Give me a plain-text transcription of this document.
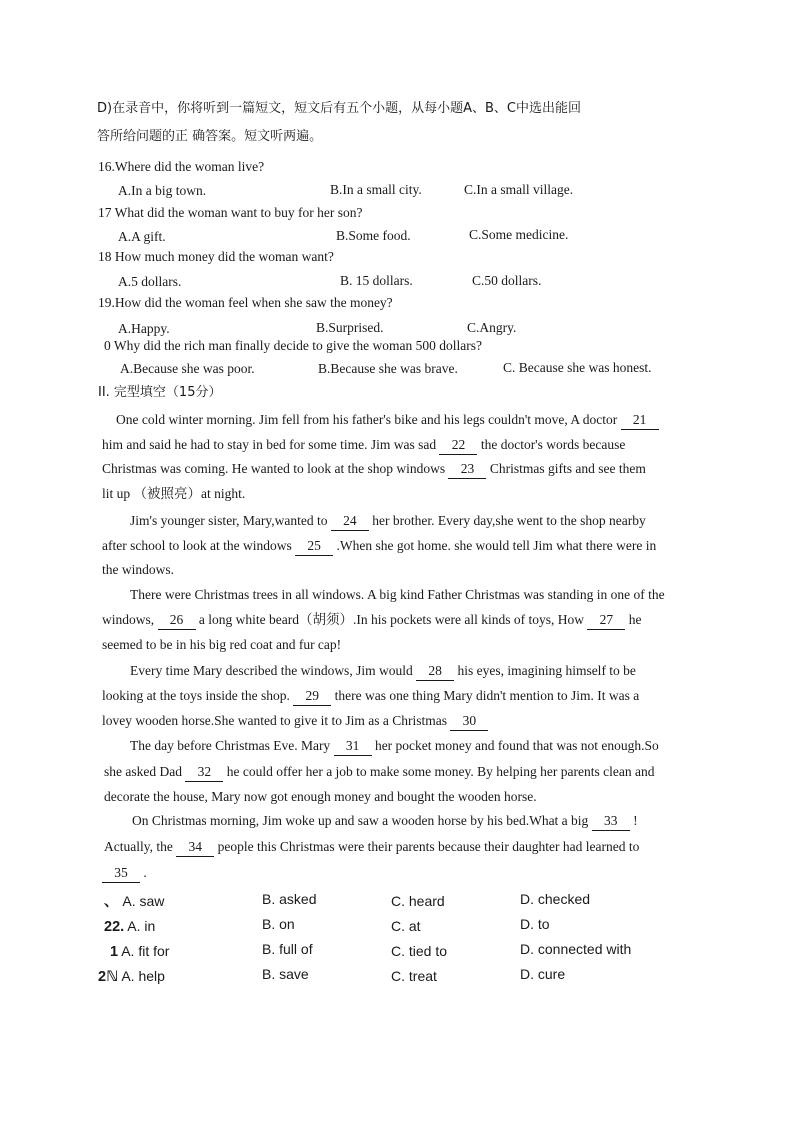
D)在录音中，你将听到一篇短文，短文后有五个小题，从每小题A、B、C中选出能回
答所给问题的正 确答案。短文听两遍。
16.Where did the woman live?
A.In a big town.	B.In a small city.	C.In a small village.
17 What did the woman want to buy for her son?
A.A gift.	B.Some food.	C.Some medicine.
18 How much money did the woman want?
A.5 dollars.	B. 15 dollars.	C.50 dollars.
19.How did the woman feel when she saw the money?
A.Happy.	B.Surprised.	C.Angry.
0 Why did the rich man finally decide to give the woman 500 dollars?
A.Because she was poor.	B.Because she was brave.	C. Because she was honest.
II. 完型填空（15分）
One cold winter morning. Jim fell from his father's bike and his legs couldn't move, A doctor 21
him and said he had to stay in bed for some time. Jim was sad 22 the doctor's words because
Christmas was coming. He wanted to look at the shop windows 23 Christmas gifts and see them
lit up （被照亮）at night.
Jim's younger sister, Mary,wanted to 24 her brother. Every day,she went to the shop nearby
after school to look at the windows 25 .When she got home. she would tell Jim what there were in
the windows.
There were Christmas trees in all windows. A big kind Father Christmas was standing in one of the
windows, 26 a long white beard（胡须）.In his pockets were all kinds of toys, How 27 he
seemed to be in his big red coat and fur cap!
Every time Mary described the windows, Jim would 28 his eyes, imagining himself to be
looking at the toys inside the shop. 29 there was one thing Mary didn't mention to Jim. It was a
lovey wooden horse.She wanted to give it to Jim as a Christmas 30
The day before Christmas Eve. Mary 31 her pocket money and found that was not enough.So
she asked Dad 32 he could offer her a job to make some money. By helping her parents clean and
decorate the house, Mary now got enough money and bought the wooden horse.
On Christmas morning, Jim woke up and saw a wooden horse by his bed.What a big 33 !
Actually, the 34 people this Christmas were their parents because their daughter had learned to
35 .
、 A. saw	B. asked	C. heard	D. checked
22. A. in	B. on	C. at	D. to
1 A. fit for	B. full of	C. tied to	D. connected with
2ℕ A. help	B. save	C. treat	D. cure
